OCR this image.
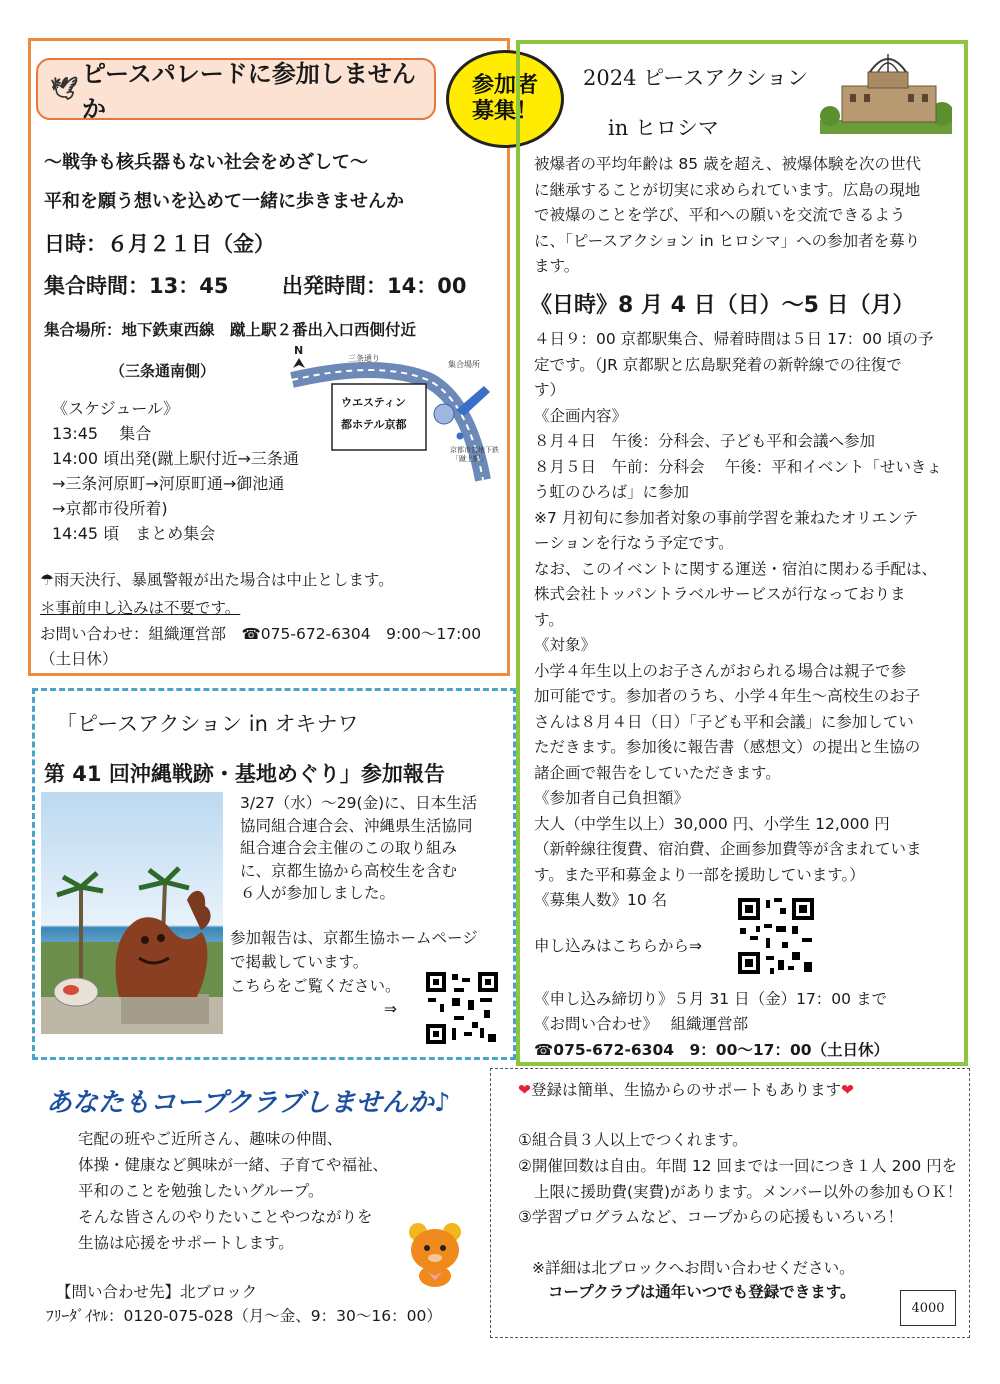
🕊
ピースパレードに参加しませんか
～戦争も核兵器もない社会をめざして～
平和を願う想いを込めて一緒に歩きませんか
日時：６月２１日（金）
集合時間：13：45	出発時間：14：00
集合場所：地下鉄東西線　蹴上駅２番出入口西側付近
（三条通南側）
N
三条通り
集合場所
ウエスティン
都ホテル京都
京都市営地下鉄
「蹴上駅」
《スケジュール》
13:45　 集合
14:00 頃出発(蹴上駅付近→三条通
→三条河原町→河原町通→御池通
→京都市役所着)
14:45 頃　まとめ集会
☂雨天決行、暴風警報が出た場合は中止とします。
＊事前申し込みは不要です。
お問い合わせ：組織運営部　☎075-672-6304　9:00～17:00
（土日休）
参加者
募集！
2024 ピースアクション
in ヒロシマ

被爆者の平均年齢は 85 歳を超え、被爆体験を次の世代

に継承することが切実に求められています。広島の現地

で被爆のことを学び、平和への願いを交流できるよう

に、「ピースアクション in ヒロシマ」への参加者を募り

ます。

《日時》8 月 4 日（日）～5 日（月）

４日９：00 京都駅集合、帰着時間は５日 17：00 頃の予

定です。（JR 京都駅と広島駅発着の新幹線での往復で

す）

《企画内容》

８月４日　午後：分科会、子ども平和会議へ参加

８月５日　午前：分科会　 午後：平和イベント「せいきょ

う虹のひろば」に参加

※7 月初旬に参加者対象の事前学習を兼ねたオリエンテ

ーションを行なう予定です。

なお、このイベントに関する運送・宿泊に関わる手配は、

株式会社トッパントラベルサービスが行なっておりま

す。

《対象》

小学４年生以上のお子さんがおられる場合は親子で参

加可能です。参加者のうち、小学４年生～高校生のお子

さんは８月４日（日）「子ども平和会議」に参加してい

ただきます。参加後に報告書（感想文）の提出と生協の

諸企画で報告をしていただきます。

《参加者自己負担額》

大人（中学生以上）30,000 円、小学生 12,000 円

（新幹線往復費、宿泊費、企画参加費等が含まれていま

す。また平和募金より一部を援助しています。）

《募集人数》10 名

申し込みはこちらから⇒
《申し込み締切り》５月 31 日（金）17：00 まで
《お問い合わせ》　 組織運営部
☎075-672-6304　9：00～17：00（土日休）
「ピースアクション in オキナワ
第 41 回沖縄戦跡・基地めぐり」参加報告
3/27（水）～29(金)に、日本生活
協同組合連合会、沖縄県生活協同
組合連合会主催のこの取り組み
に、京都生協から高校生を含む
６人が参加しました。
参加報告は、京都生協ホームページ
で掲載しています。
こちらをご覧ください。
⇒
あなたもコープクラブしませんか♪
宅配の班やご近所さん、趣味の仲間、
体操・健康など興味が一緒、子育てや福祉、
平和のことを勉強したいグループ。
そんな皆さんのやりたいことやつながりを
生協は応援をサポートします。
【問い合わせ先】北ブロック
ﾌﾘｰﾀﾞｲﾔﾙ：0120-075-028（月～金、9：30～16：00）
❤登録は簡単、生協からのサポートもあります❤
①組合員３人以上でつくれます。
②開催回数は自由。年間 12 回までは一回につき１人 200 円を
上限に援助費(実費)があります。メンバー以外の参加もＯＫ！
③学習プログラムなど、コープからの応援もいろいろ！
※詳細は北ブロックへお問い合わせください。
コープクラブは通年いつでも登録できます。
4000
